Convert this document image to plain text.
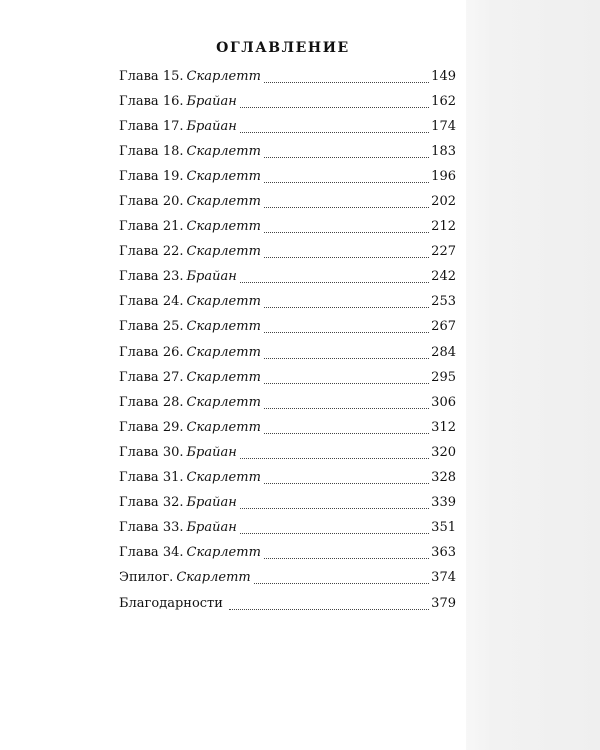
ОГЛАВЛЕНИЕ
Глава 15. Скарлетт	149
Глава 16. Брайан	162
Глава 17. Брайан	174
Глава 18. Скарлетт	183
Глава 19. Скарлетт	196
Глава 20. Скарлетт	202
Глава 21. Скарлетт	212
Глава 22. Скарлетт	227
Глава 23. Брайан	242
Глава 24. Скарлетт	253
Глава 25. Скарлетт	267
Глава 26. Скарлетт	284
Глава 27. Скарлетт	295
Глава 28. Скарлетт	306
Глава 29. Скарлетт	312
Глава 30. Брайан	320
Глава 31. Скарлетт	328
Глава 32. Брайан	339
Глава 33. Брайан	351
Глава 34. Скарлетт	363
Эпилог. Скарлетт	374
Благодарности	379
